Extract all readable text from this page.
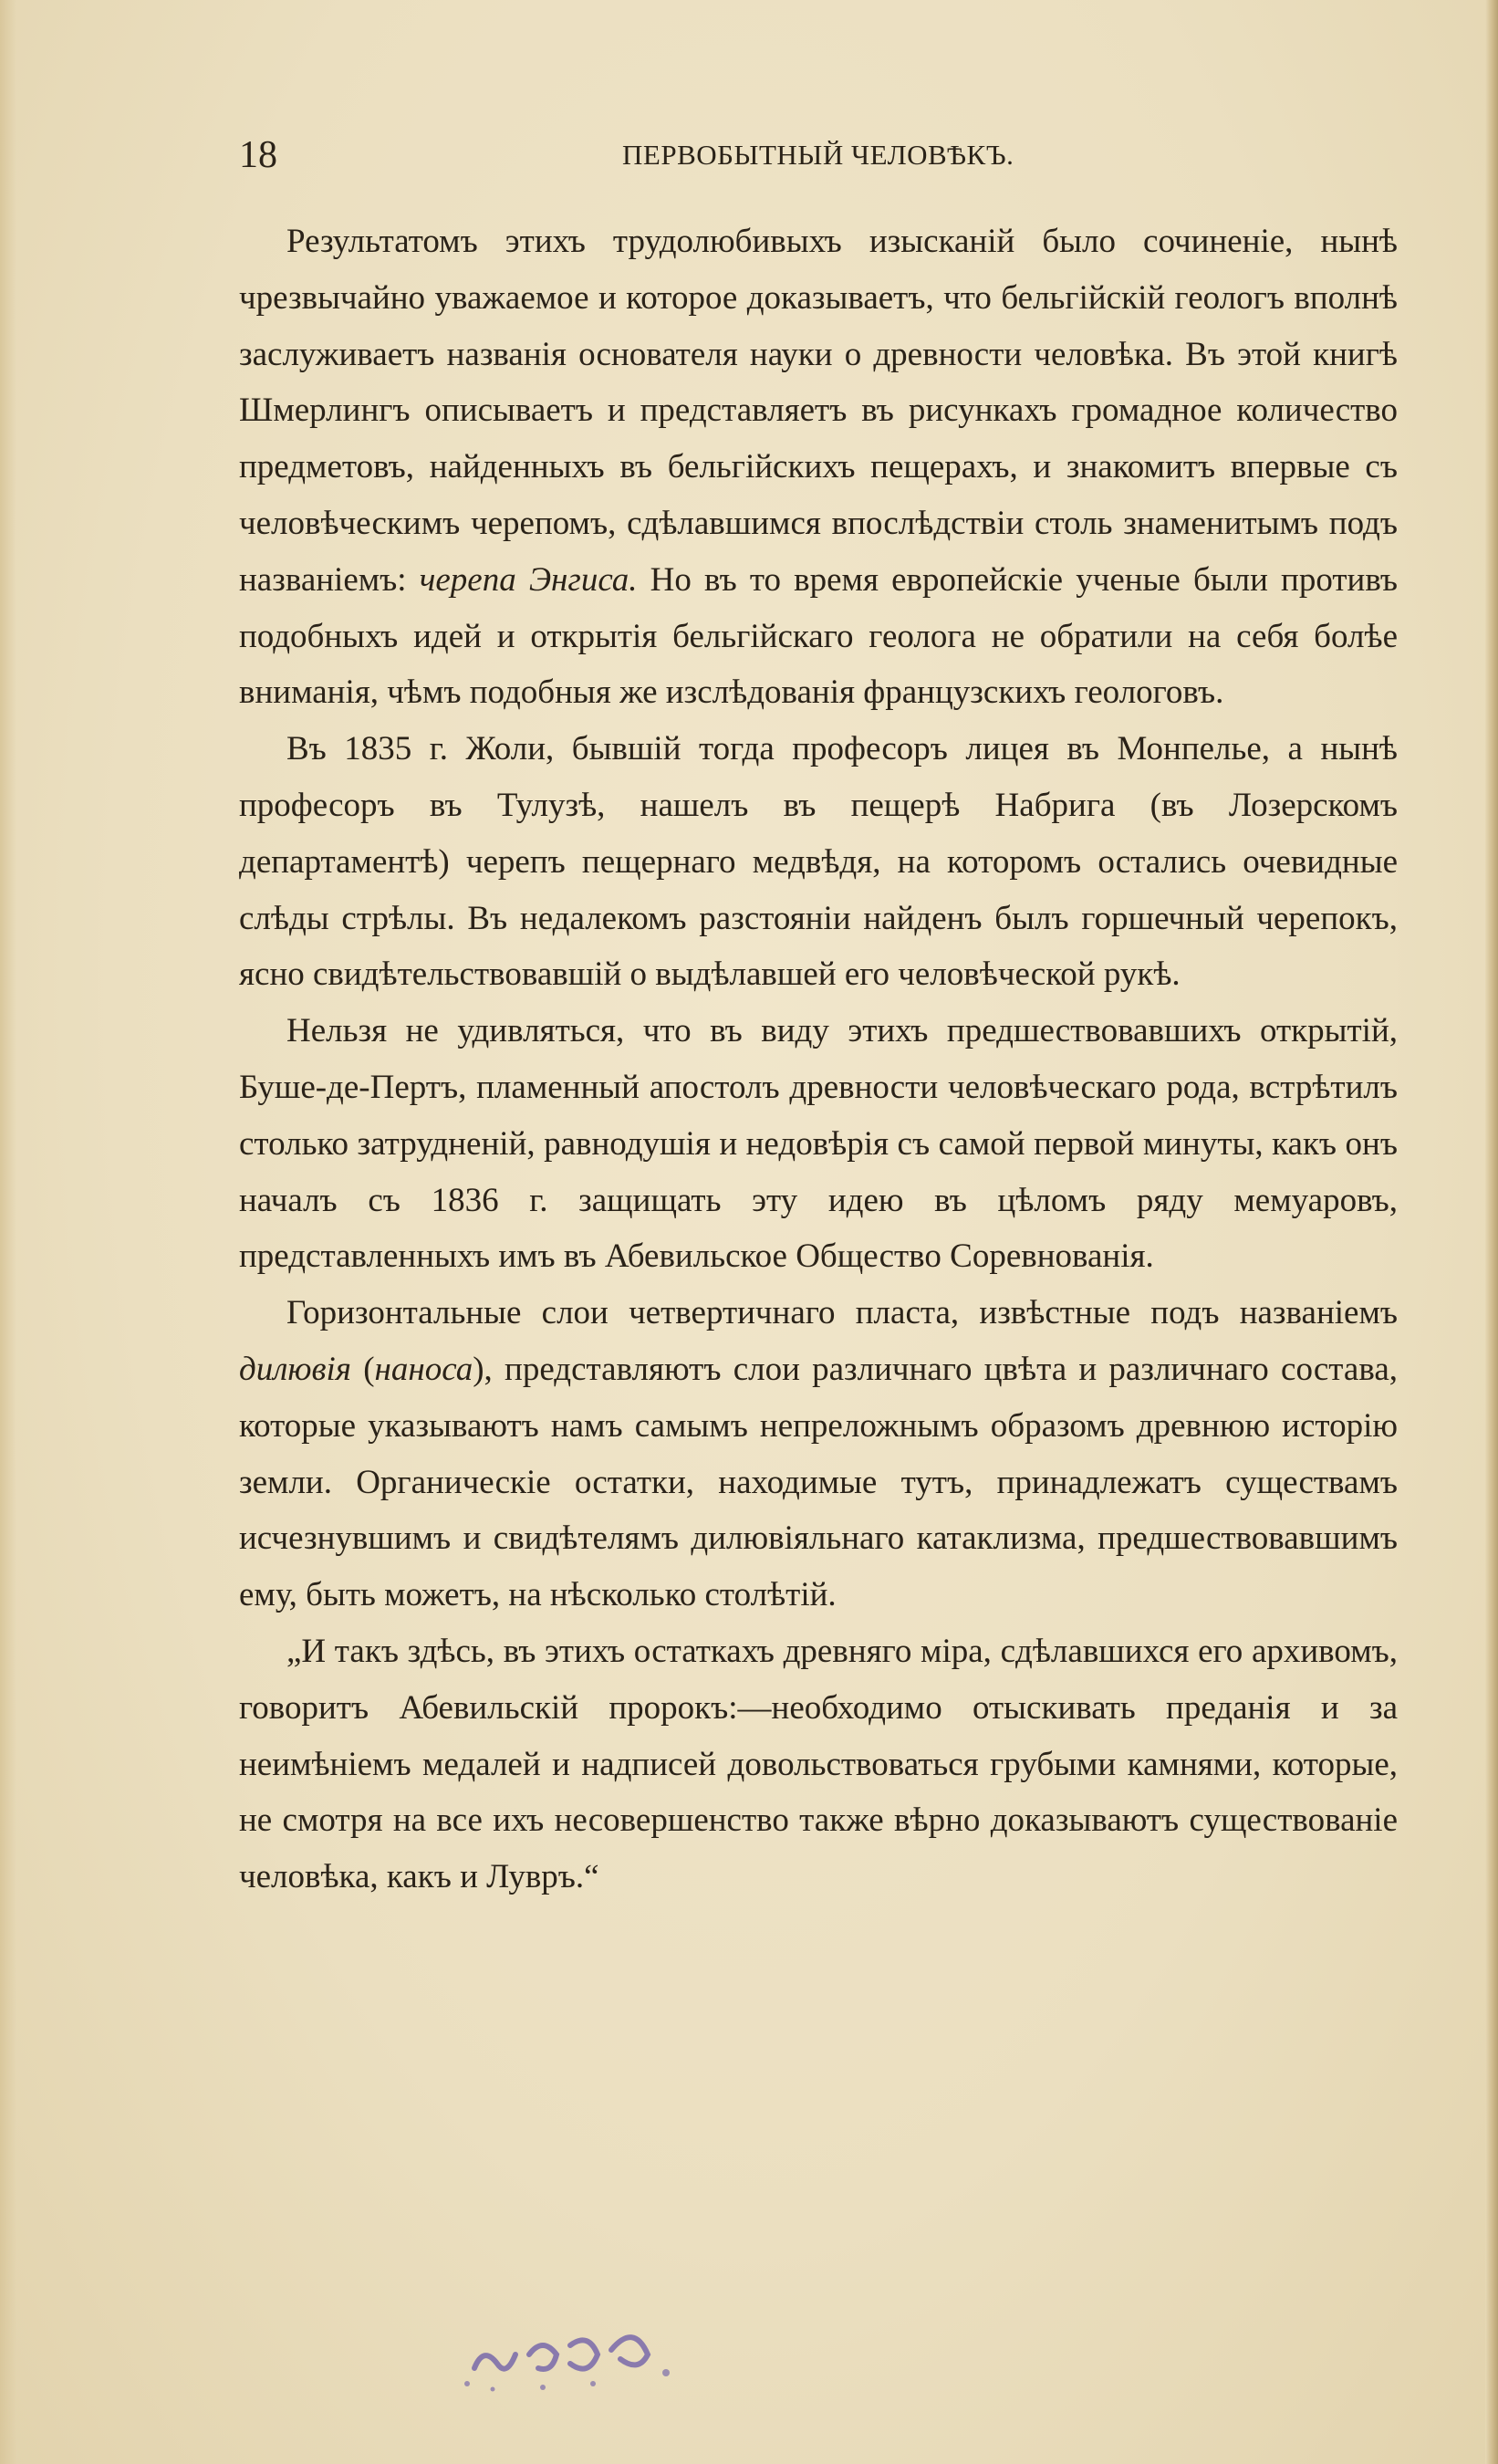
18	ПЕРВОБЫТНЫЙ ЧЕЛОВѢКЪ.

Результатомъ этихъ трудолюбивыхъ изысканій было сочиненіе, нынѣ чрезвычайно уважаемое и которое доказываетъ, что бельгійскій геологъ вполнѣ заслуживаетъ названія основателя науки о древности человѣка. Въ этой книгѣ Шмерлингъ описываетъ и представляетъ въ рисункахъ громадное количество предметовъ, найденныхъ въ бельгійскихъ пещерахъ, и знакомитъ впервые съ человѣческимъ черепомъ, сдѣлавшимся впослѣдствіи столь знаменитымъ подъ названіемъ: черепа Энгиса. Но въ то время европейскіе ученые были противъ подобныхъ идей и открытія бельгійскаго геолога не обратили на себя болѣе вниманія, чѣмъ подобныя же изслѣдованія французскихъ геологовъ.

Въ 1835 г. Жоли, бывшій тогда професоръ лицея въ Монпелье, а нынѣ професоръ въ Тулузѣ, нашелъ въ пещерѣ Набрига (въ Лозерскомъ департаментѣ) черепъ пещернаго медвѣдя, на которомъ остались очевидные слѣды стрѣлы. Въ недалекомъ разстояніи найденъ былъ горшечный черепокъ, ясно свидѣтельствовавшій о выдѣлавшей его человѣческой рукѣ.

Нельзя не удивляться, что въ виду этихъ предшествовавшихъ открытій, Буше-де-Пертъ, пламенный апостолъ древности человѣческаго рода, встрѣтилъ столько затрудненій, равнодушія и недовѣрія съ самой первой минуты, какъ онъ началъ съ 1836 г. защищать эту идею въ цѣломъ ряду мемуаровъ, представленныхъ имъ въ Абевильское Общество Соревнованія.

Горизонтальные слои четвертичнаго пласта, извѣстные подъ названіемъ дилювія (наноса), представляютъ слои различнаго цвѣта и различнаго состава, которые указываютъ намъ самымъ непреложнымъ образомъ древнюю исторію земли. Органическіе остатки, находимые тутъ, принадлежатъ существамъ исчезнувшимъ и свидѣтелямъ дилювіяльнаго катаклизма, предшествовавшимъ ему, быть можетъ, на нѣсколько столѣтій.

„И такъ здѣсь, въ этихъ остаткахъ древняго міра, сдѣлавшихся его архивомъ, говоритъ Абевильскій пророкъ:—необходимо отыскивать преданія и за неимѣніемъ медалей и надписей довольствоваться грубыми камнями, которые, не смотря на все ихъ несовершенство также вѣрно доказываютъ существованіе человѣка, какъ и Лувръ.“
